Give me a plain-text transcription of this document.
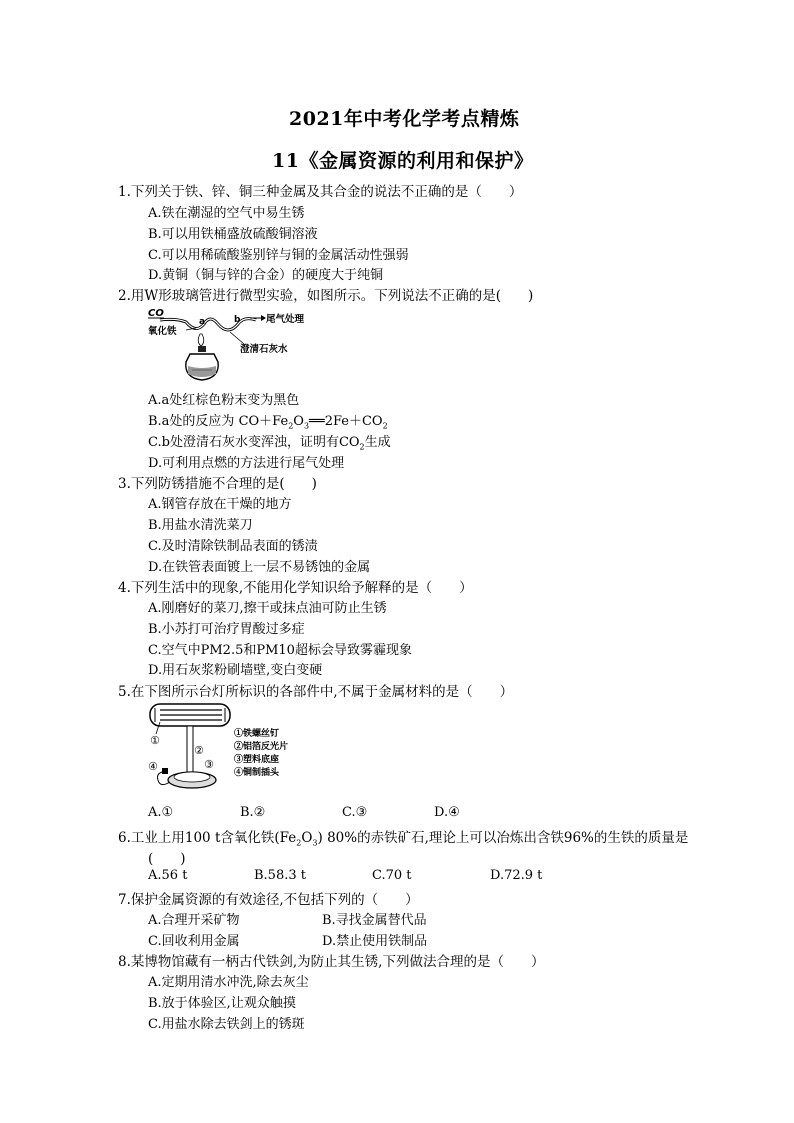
2021年中考化学考点精炼
11《金属资源的利用和保护》
1.下列关于铁、锌、铜三种金属及其合金的说法不正确的是（　　）
A.铁在潮湿的空气中易生锈
B.可以用铁桶盛放硫酸铜溶液
C.可以用稀硫酸鉴别锌与铜的金属活动性强弱
D.黄铜（铜与锌的合金）的硬度大于纯铜
2.用W形玻璃管进行微型实验，如图所示。下列说法不正确的是(　　)
CO
a	b	尾气处理
氧化铁
澄清石灰水
A.a处红棕色粉末变为黑色
B.a处的反应为 $CO+Fe_2O_3══2Fe+CO_2$
C.b处澄清石灰水变浑浊，证明有$CO_2$生成
D.可利用点燃的方法进行尾气处理
3.下列防锈措施不合理的是(　　)
A.钢管存放在干燥的地方
B.用盐水清洗菜刀
C.及时清除铁制品表面的锈渍
D.在铁管表面镀上一层不易锈蚀的金属
4.下列生活中的现象,不能用化学知识给予解释的是（　　）
A.刚磨好的菜刀,擦干或抹点油可防止生锈
B.小苏打可治疗胃酸过多症
C.空气中PM2.5和PM10超标会导致雾霾现象
D.用石灰浆粉刷墙壁,变白变硬
5.在下图所示台灯所标识的各部件中,不属于金属材料的是（　　）
①
②
③
④
①铁螺丝钉
②铝箔反光片
③塑料底座
④铜制插头
A.①	B.②	C.③	D.④
6.工业上用100 t含氧化铁$(Fe_2O_3)$ 80%的赤铁矿石,理论上可以冶炼出含铁96%的生铁的质量是
(　　)
A.56 t	B.58.3 t	C.70 t	D.72.9 t
7.保护金属资源的有效途径,不包括下列的（　　）
A.合理开采矿物	B.寻找金属替代品
C.回收利用金属	D.禁止使用铁制品
8.某博物馆藏有一柄古代铁剑,为防止其生锈,下列做法合理的是（　　）
A.定期用清水冲洗,除去灰尘
B.放于体验区,让观众触摸
C.用盐水除去铁剑上的锈斑
